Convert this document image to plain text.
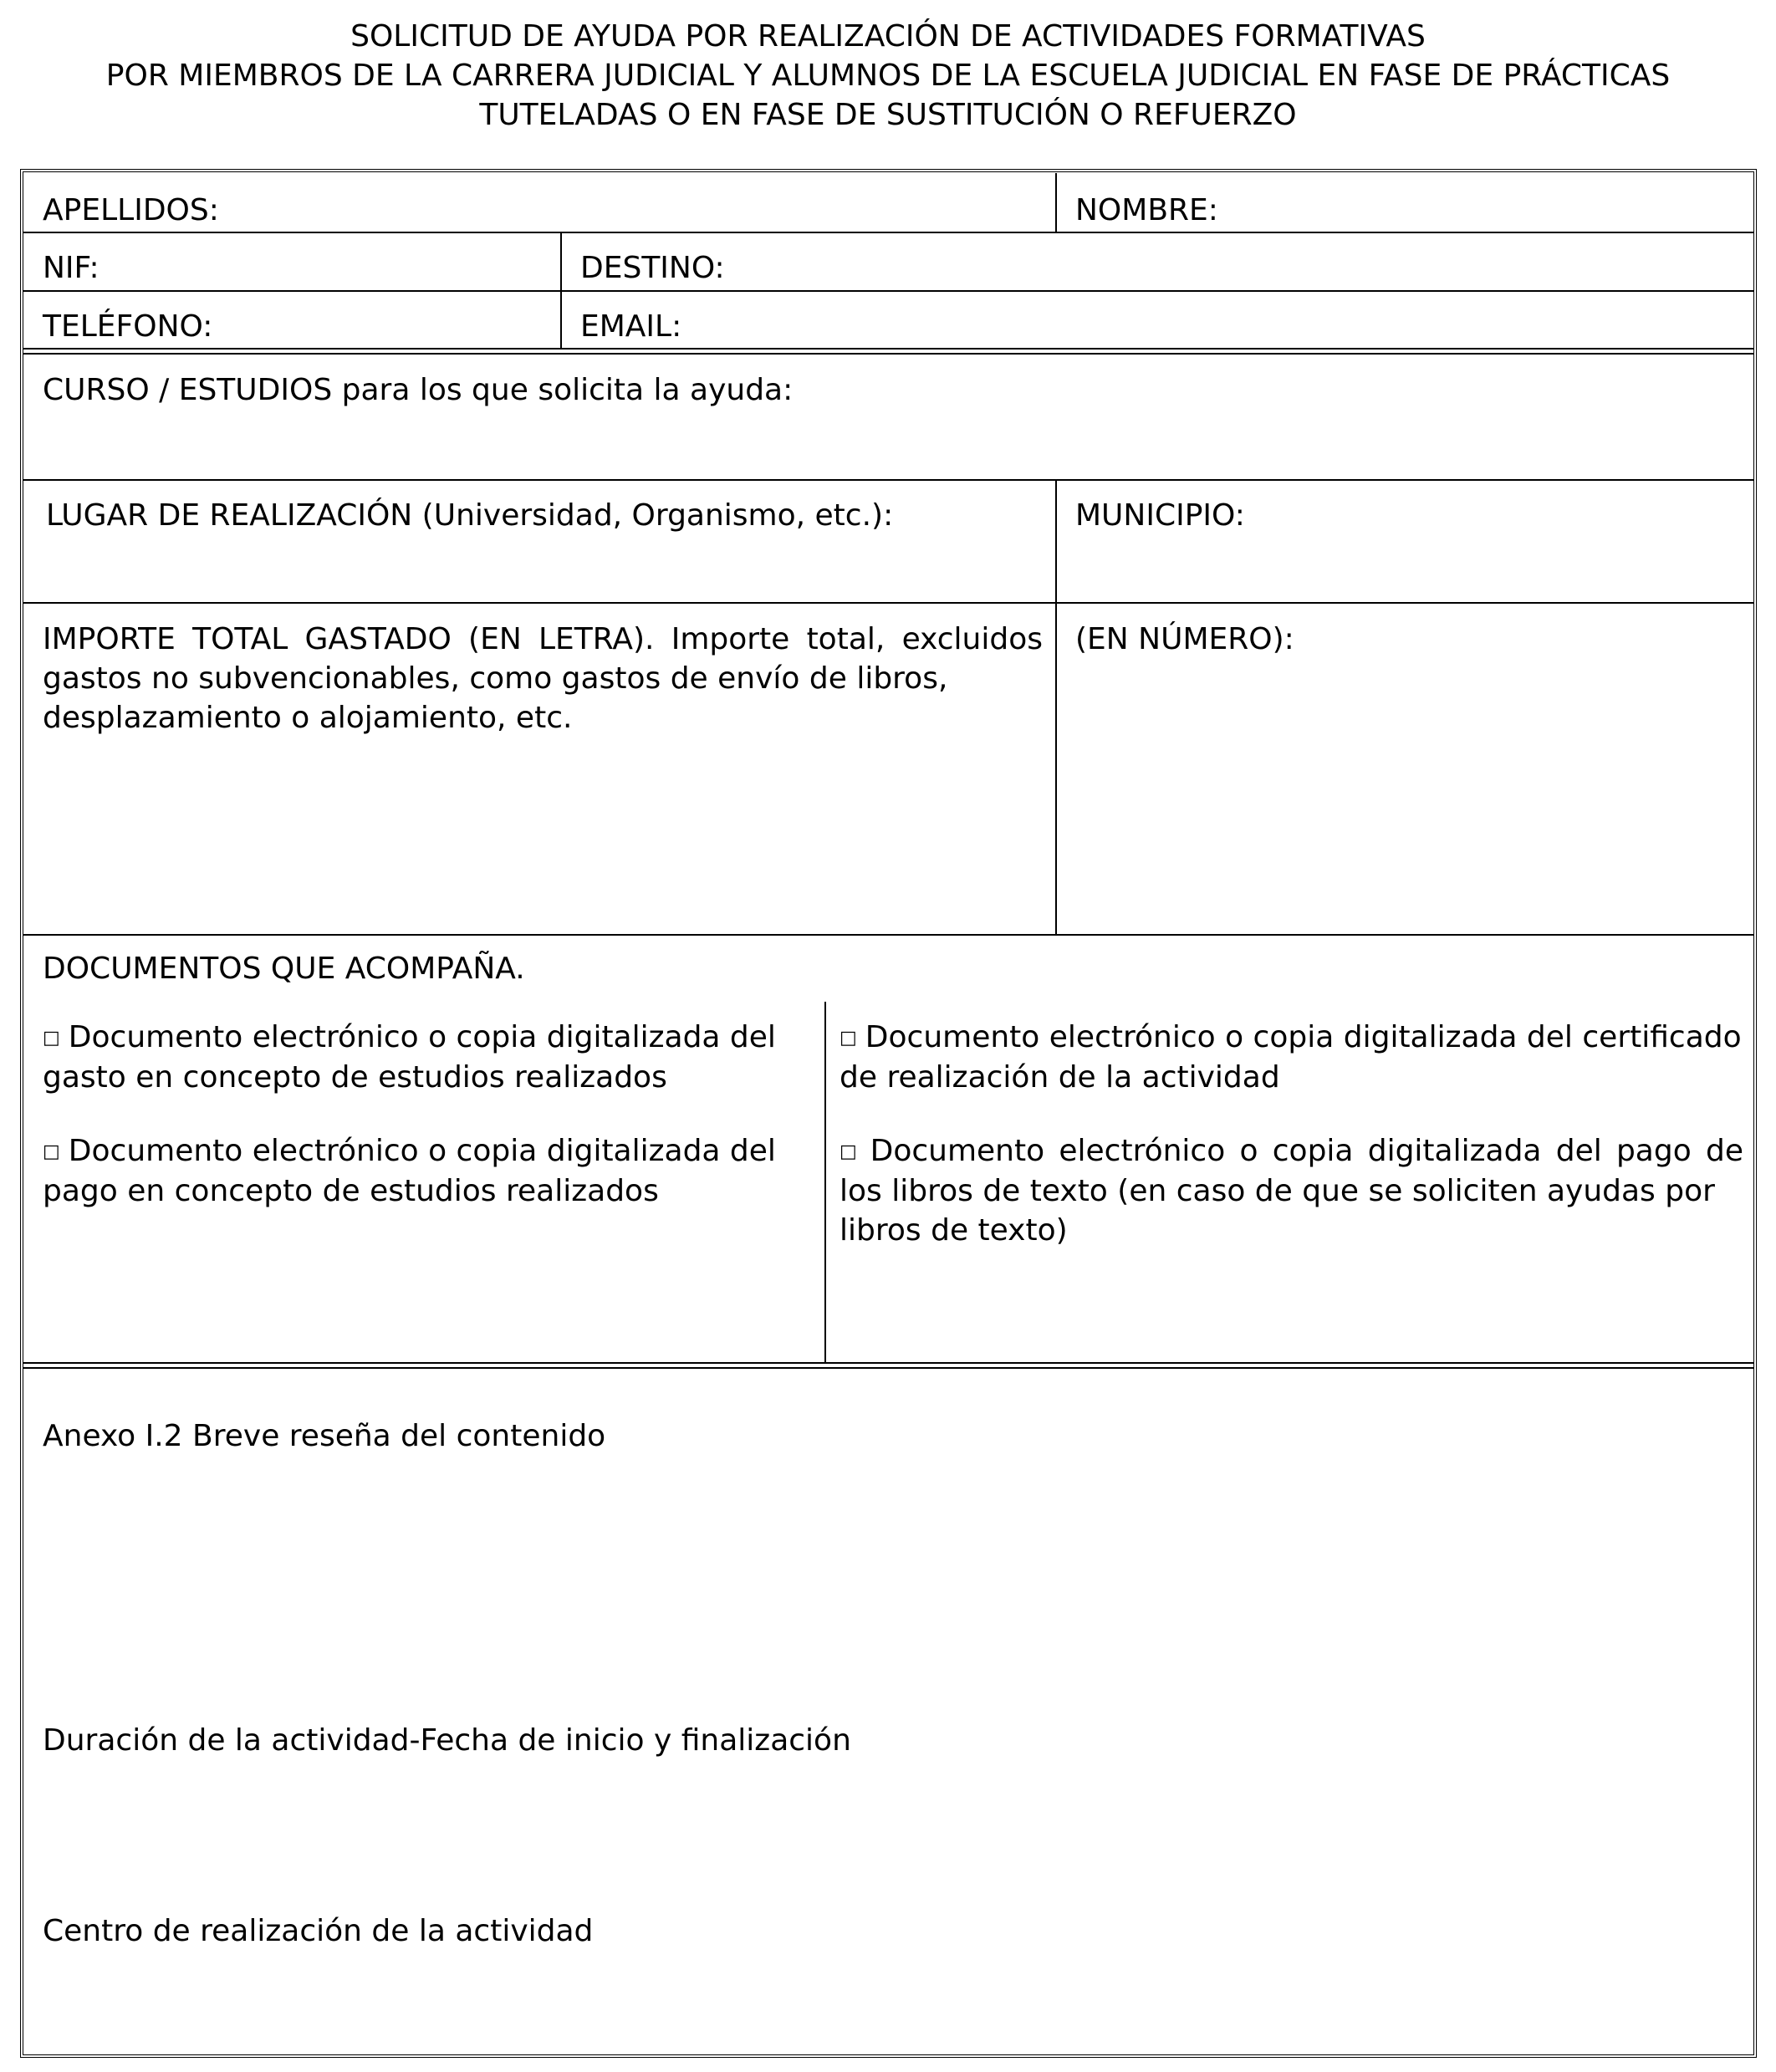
SOLICITUD DE AYUDA POR REALIZACIÓN DE ACTIVIDADES FORMATIVAS
POR MIEMBROS DE LA CARRERA JUDICIAL Y ALUMNOS DE LA ESCUELA JUDICIAL EN FASE DE PRÁCTICAS
TUTELADAS O EN FASE DE SUSTITUCIÓN O REFUERZO
APELLIDOS:	NOMBRE:
NIF:	DESTINO:
TELÉFONO:	EMAIL:
CURSO / ESTUDIOS para los que solicita la ayuda:
LUGAR DE REALIZACIÓN (Universidad, Organismo, etc.):	MUNICIPIO:
IMPORTE TOTAL GASTADO (EN LETRA). Importe total, excluidos gastos no subvencionables, como gastos de envío de libros,
desplazamiento o alojamiento, etc.
(EN NÚMERO):
DOCUMENTOS QUE ACOMPAÑA.
□ Documento electrónico o copia digitalizada del
gasto en concepto de estudios realizados
□ Documento electrónico o copia digitalizada del
pago en concepto de estudios realizados
□ Documento electrónico o copia digitalizada del certificado
de realización de la actividad
□ Documento electrónico o copia digitalizada del pago de los libros de texto (en caso de que se soliciten ayudas por
libros de texto)
Anexo I.2 Breve reseña del contenido
Duración de la actividad-Fecha de inicio y finalización
Centro de realización de la actividad
